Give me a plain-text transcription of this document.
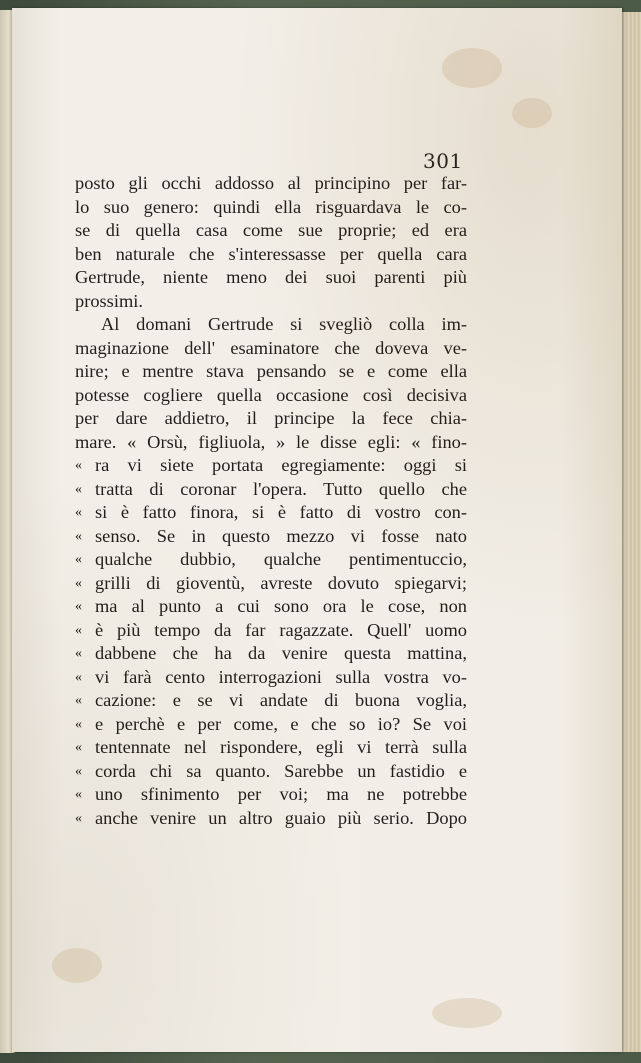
301
posto gli occhi addosso al principino per far-
lo suo genero: quindi ella risguardava le co-
se di quella casa come sue proprie; ed era
ben naturale che s'interessasse per quella cara
Gertrude, niente meno dei suoi parenti più
prossimi.
Al domani Gertrude si svegliò colla im-
maginazione dell' esaminatore che doveva ve-
nire; e mentre stava pensando se e come ella
potesse cogliere quella occasione così decisiva
per dare addietro, il principe la fece chia-
mare. « Orsù, figliuola, » le disse egli: « fino-
« ra vi siete portata egregiamente: oggi si
« tratta di coronar l'opera. Tutto quello che
« si è fatto finora, si è fatto di vostro con-
« senso. Se in questo mezzo vi fosse nato
« qualche dubbio, qualche pentimentuccio,
« grilli di gioventù, avreste dovuto spiegarvi;
« ma al punto a cui sono ora le cose, non
« è più tempo da far ragazzate. Quell' uomo
« dabbene che ha da venire questa mattina,
« vi farà cento interrogazioni sulla vostra vo-
« cazione: e se vi andate di buona voglia,
« e perchè e per come, e che so io? Se voi
« tentennate nel rispondere, egli vi terrà sulla
« corda chi sa quanto. Sarebbe un fastidio e
« uno sfinimento per voi; ma ne potrebbe
« anche venire un altro guaio più serio. Dopo
